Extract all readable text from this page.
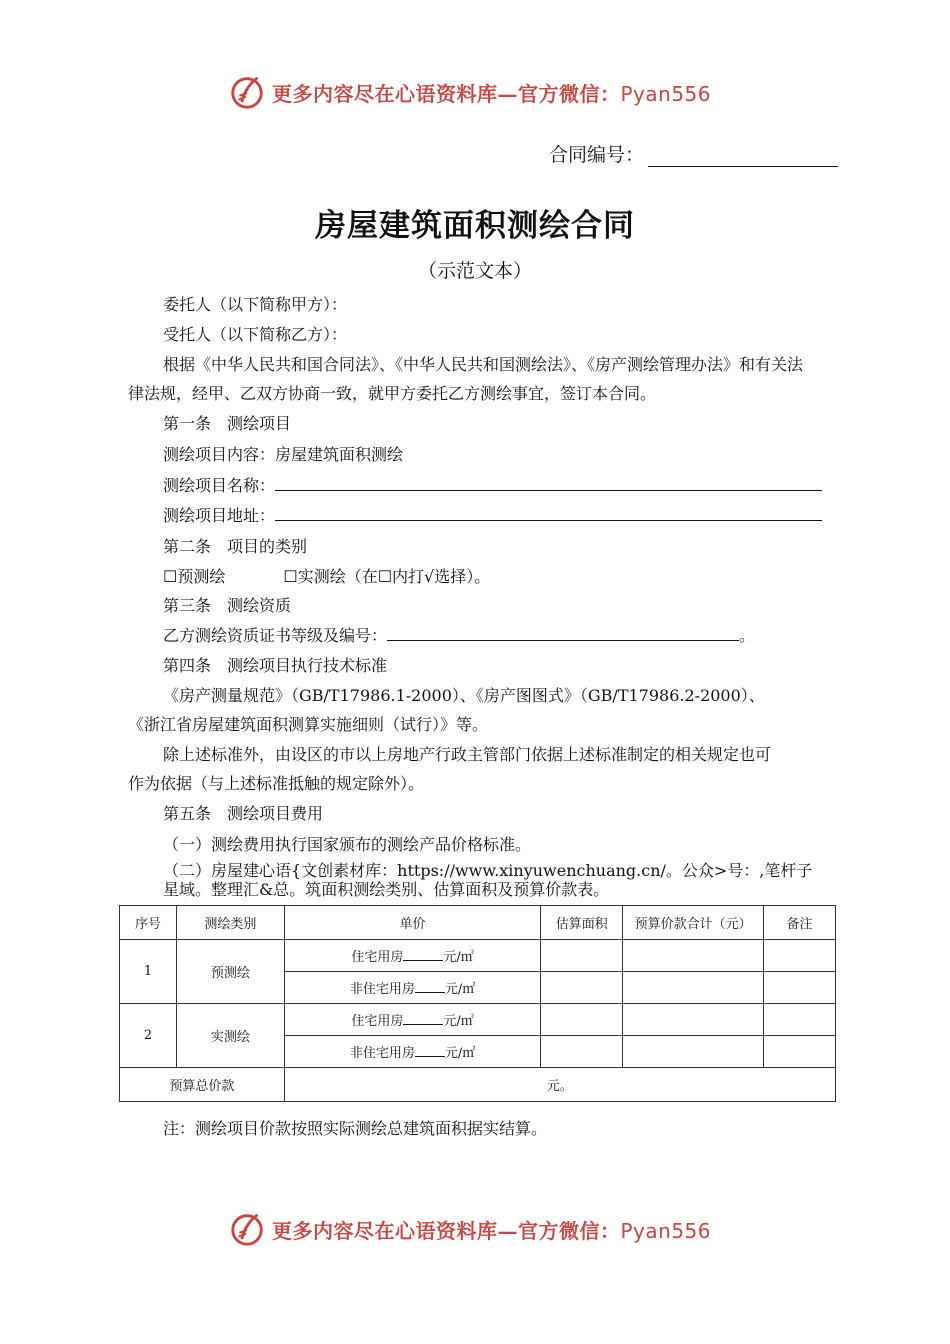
更多内容尽在心语资料库—官方微信：Pyan556
合同编号：
房屋建筑面积测绘合同
（示范文本）
委托人（以下简称甲方）：
受托人（以下简称乙方）：
根据《中华人民共和国合同法》、《中华人民共和国测绘法》、《房产测绘管理办法》和有关法
律法规，经甲、乙双方协商一致，就甲方委托乙方测绘事宜，签订本合同。
第一条　测绘项目
测绘项目内容：房屋建筑面积测绘
测绘项目名称：
测绘项目地址：
第二条　项目的类别
☐预测绘	☐实测绘（在☐内打√选择）。
第三条　测绘资质
乙方测绘资质证书等级及编号：	。
第四条　测绘项目执行技术标准
《房产测量规范》（GB/T17986.1-2000）、《房产图图式》（GB/T17986.2-2000）、
《浙江省房屋建筑面积测算实施细则（试行）》等。
除上述标准外，由设区的市以上房地产行政主管部门依据上述标准制定的相关规定也可
作为依据（与上述标准抵触的规定除外）。
第五条　测绘项目费用
（一）测绘费用执行国家颁布的测绘产品价格标准。
（二）房屋建心语{文创素材库：https://www.xinyuwenchuang.cn/。公众>号：,笔杆子
星域。整理汇&总。筑面积测绘类别、估算面积及预算价款表。
序号	测绘类别	单价	估算面积	预算价款合计（元）	备注
1	预测绘	住宅用房 元/㎡			
		非住宅用房 元/㎡			
2	实测绘	住宅用房 元/㎡			
		非住宅用房 元/㎡			
预算总价款		元。			
注：测绘项目价款按照实际测绘总建筑面积据实结算。
更多内容尽在心语资料库—官方微信：Pyan556
